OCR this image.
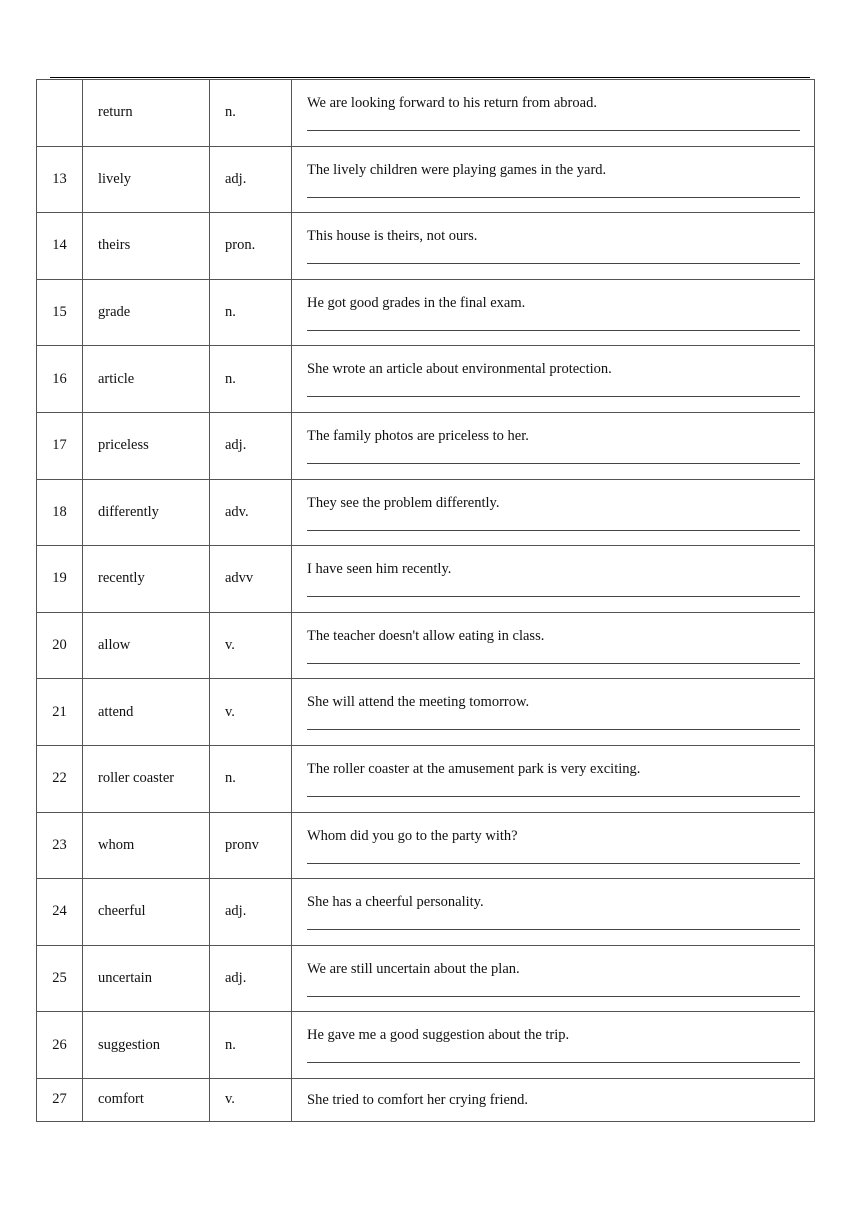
	return	n.	We are looking forward to his return from abroad.

13	lively	adj.	The lively children were playing games in the yard.

14	theirs	pron.	This house is theirs, not ours.

15	grade	n.	He got good grades in the final exam.

16	article	n.	She wrote an article about environmental protection.

17	priceless	adj.	The family photos are priceless to her.

18	differently	adv.	They see the problem differently.

19	recently	advv	I have seen him recently.

20	allow	v.	The teacher doesn't allow eating in class.

21	attend	v.	She will attend the meeting tomorrow.

22	roller coaster	n.	The roller coaster at the amusement park is very exciting.

23	whom	pronv	Whom did you go to the party with?

24	cheerful	adj.	She has a cheerful personality.

25	uncertain	adj.	We are still uncertain about the plan.

26	suggestion	n.	He gave me a good suggestion about the trip.

27	comfort	v.	She tried to comfort her crying friend.
